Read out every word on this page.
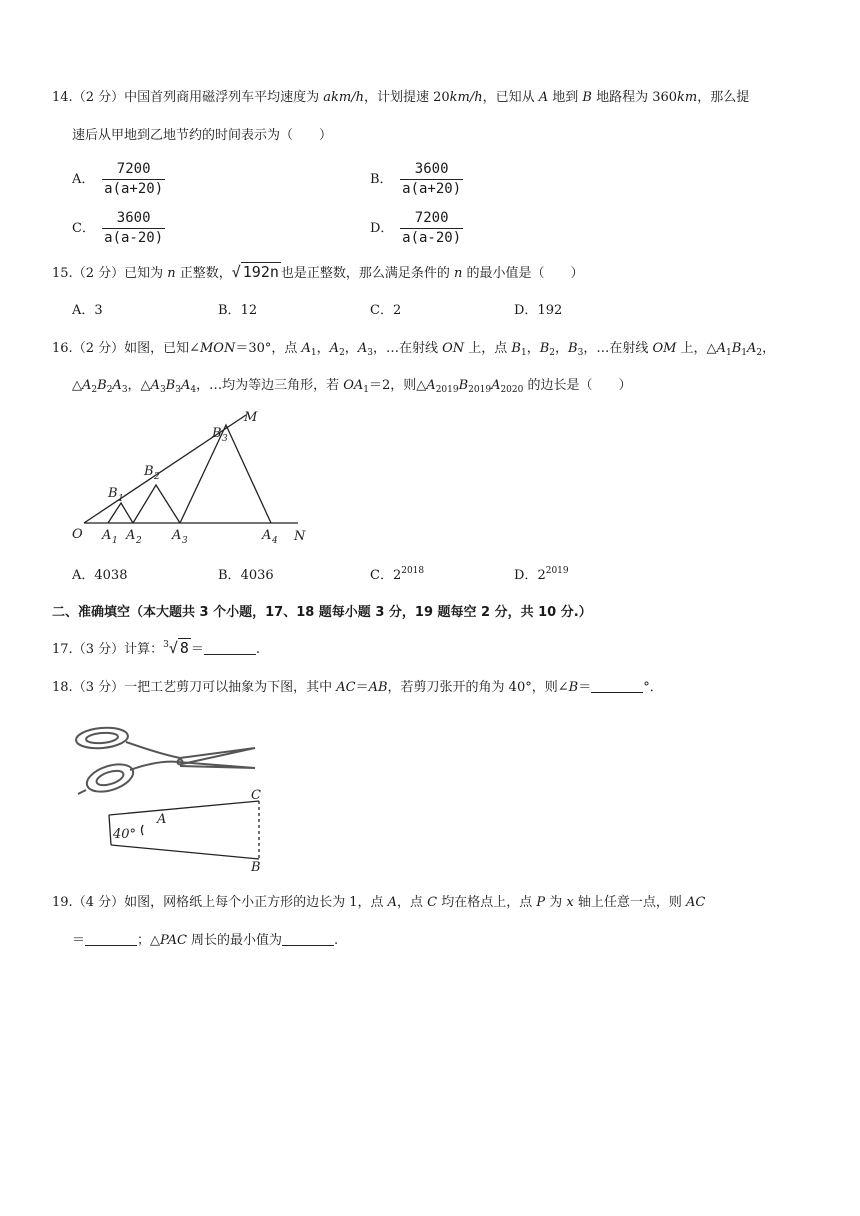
14.（2 分）中国首列商用磁浮列车平均速度为 akm/h，计划提速 20km/h，已知从 A 地到 B 地路程为 360km，那么提
速后从甲地到乙地节约的时间表示为（　　）
A． $\frac{7200}{a(a+20)}$	B． $\frac{3600}{a(a+20)}$
C． $\frac{3600}{a(a-20)}$	D． $\frac{7200}{a(a-20)}$
15.（2 分）已知为 n 正整数，√ 192n 也是正整数，那么满足条件的 n 的最小值是（　　）
A．3	B．12	C．2	D．192
16.（2 分）如图，已知∠MON＝30°，点 $A_1$，$A_2$，$A_3$，…在射线 ON 上，点 $B_1$，$B_2$，$B_3$，…在射线 OM 上，$\triangle A_1B_1A_2$，
$\triangle A_2B_2A_3$，$\triangle A_3B_3A_4$，…均为等边三角形，若 $OA_1=2$，则$\triangle A_{2019}B_{2019}A_{2020}$ 的边长是（　　）
O	N
M
A 1 A 2 A 3	A 4
B 1
B 2
B 3
A．4038	B．4036	C．$2^{2018}$	D．$2^{2019}$
二、准确填空（本大题共 3 个小题，17、18 题每小题 3 分，19 题每空 2 分，共 10 分.）
17.（3 分）计算：$^3$√ 8 ＝	.
18.（3 分）一把工艺剪刀可以抽象为下图，其中 AC＝AB，若剪刀张开的角为 40°，则∠B＝	°．
C
A
B
40°
19.（4 分）如图，网格纸上每个小正方形的边长为 1，点 A，点 C 均在格点上，点 P 为 x 轴上任意一点，则 AC
＝	；△PAC 周长的最小值为	.
